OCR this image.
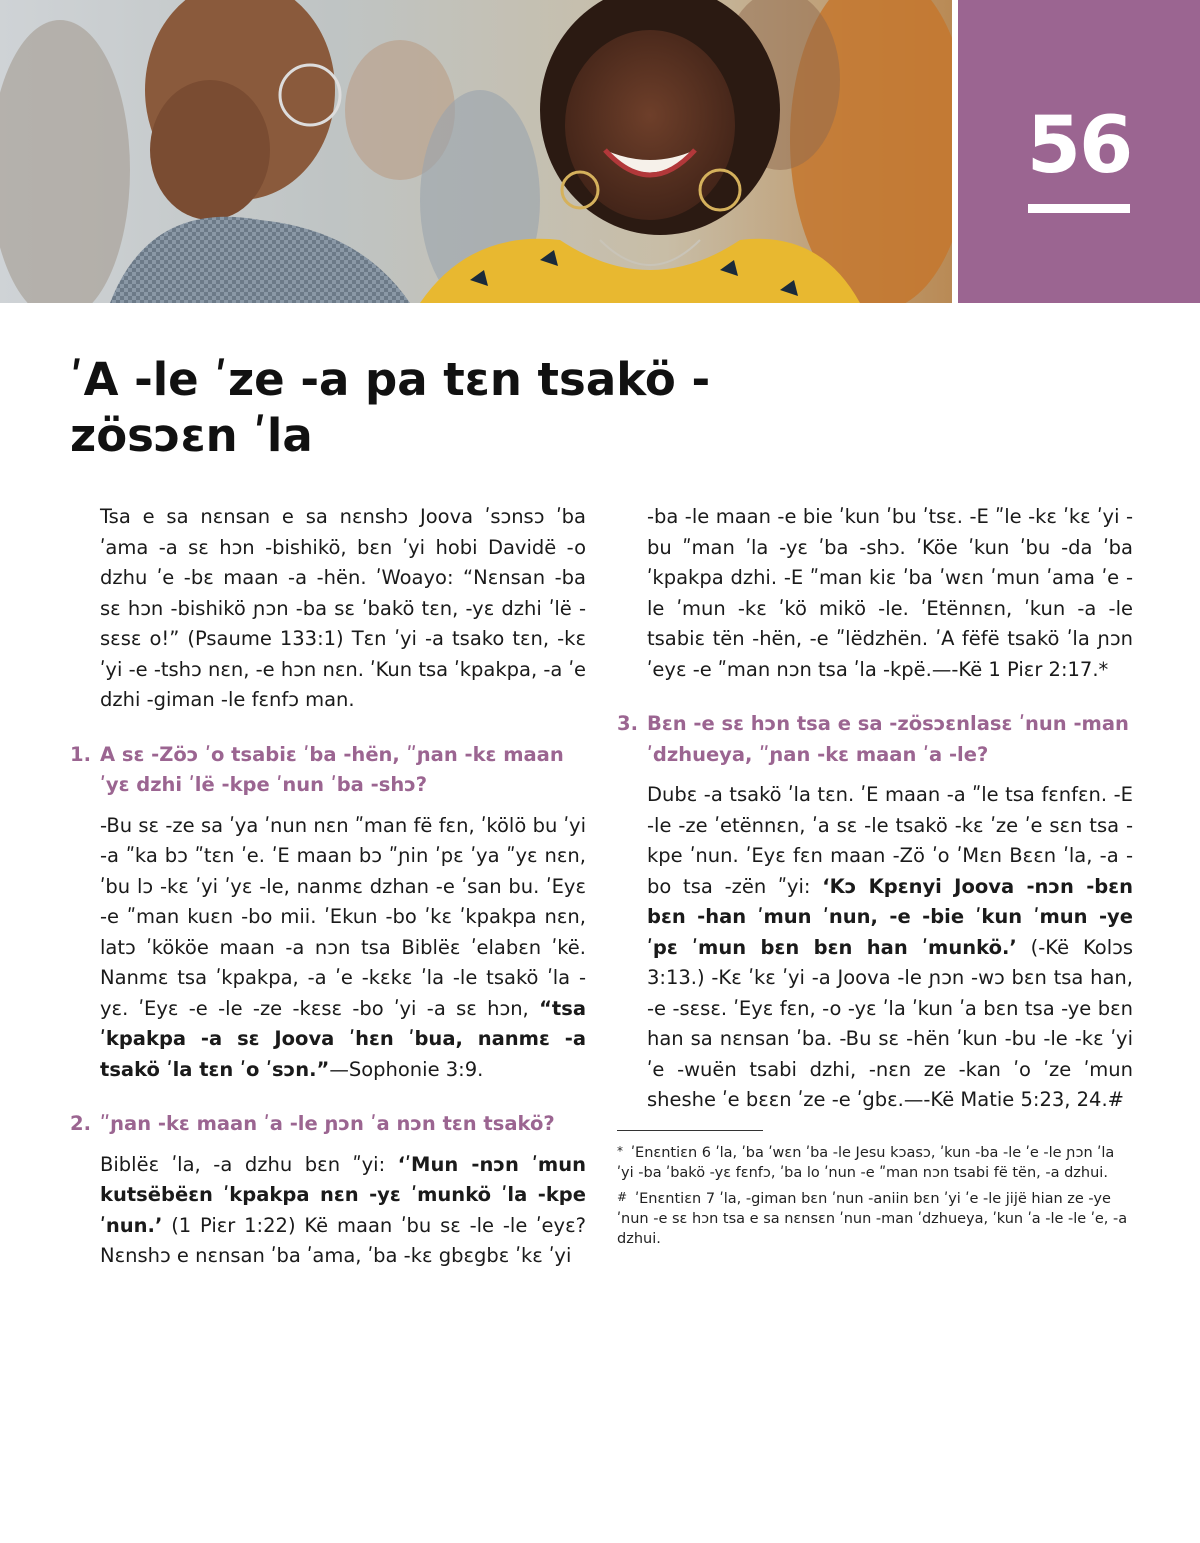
56
ʹA -le ʹze -a pa tɛn tsakö -zösɔɛn ʹla

Tsa e sa nɛnsan e sa nɛnshɔ Joova ʹsɔnsɔ ʹba ʹama -a sɛ hɔn -bishikö, bɛn ʹyi hobi Davidë -o dzhu ʹe -bɛ maan -a -hën. ʹWoayo: “Nɛnsan -ba sɛ hɔn -bishikö ɲɔn -ba sɛ ʹbakö tɛn, -yɛ dzhi ʹlë -sɛsɛ o!” (Psaume 133:1) Tɛn ʹyi -a tsako tɛn, -kɛ ʹyi -e -tshɔ nɛn, -e hɔn nɛn. ʹKun tsa ʹkpakpa, -a ʹe dzhi -giman -le fɛnfɔ man.

1. A sɛ -Zöɔ ʹo tsabiɛ ʹba -hën, ʺɲan -kɛ maan ʹyɛ dzhi ʹlë -kpe ʹnun ʹba -shɔ?

-Bu sɛ -ze sa ʹya ʹnun nɛn ʺman fë fɛn, ʹkölö bu ʹyi -a ʺka bɔ ʺtɛn ʹe. ʹE maan bɔ ʺɲin ʹpɛ ʹya ʺyɛ nɛn, ʹbu lɔ -kɛ ʹyi ʹyɛ -le, nanmɛ dzhan -e ʹsan bu. ʹEyɛ -e ʺman kuɛn -bo mii. ʹEkun -bo ʹkɛ ʹkpakpa nɛn, latɔ ʹkököe maan -a nɔn tsa Biblëɛ ʹelabɛn ʹkë. Nanmɛ tsa ʹkpakpa, -a ʹe -kɛkɛ ʹla -le tsakö ʹla -yɛ. ʹEyɛ -e -le -ze -kɛsɛ -bo ʹyi -a sɛ hɔn, “tsa ʹkpakpa -a sɛ Joova ʹhɛn ʹbua, nanmɛ -a tsakö ʹla tɛn ʹo ʹsɔn.”—Sophonie 3:9.

2. ʺɲan -kɛ maan ʹa -le ɲɔn ʹa nɔn tɛn tsakö?

Biblëɛ ʹla, -a dzhu bɛn ʺyi: ‘ʹMun -nɔn ʹmun kutsëbëɛn ʹkpakpa nɛn -yɛ ʹmunkö ʹla -kpe ʹnun.’ (1 Piɛr 1:22) Kë maan ʹbu sɛ -le -le ʹeyɛ? Nɛnshɔ e nɛnsan ʹba ʹama, ʹba -kɛ gbɛgbɛ ʹkɛ ʹyi

-ba -le maan -e bie ʹkun ʹbu ʹtsɛ. -E ʺle -kɛ ʹkɛ ʹyi -bu ʺman ʹla -yɛ ʹba -shɔ. ʹKöe ʹkun ʹbu -da ʹba ʹkpakpa dzhi. -E ʺman kiɛ ʹba ʹwɛn ʹmun ʹama ʹe -le ʹmun -kɛ ʹkö mikö -le. ʹEtënnɛn, ʹkun -a -le tsabiɛ tën -hën, -e ʺlëdzhën. ʹA fëfë tsakö ʹla ɲɔn ʹeyɛ -e ʺman nɔn tsa ʹla -kpë.—-Kë 1 Piɛr 2:17.*

3. Bɛn -e sɛ hɔn tsa e sa -zösɔɛnlasɛ ʹnun -man ʹdzhueya, ʺɲan -kɛ maan ʹa -le?

Dubɛ -a tsakö ʹla tɛn. ʹE maan -a ʺle tsa fɛnfɛn. -E -le -ze ʹetënnɛn, ʹa sɛ -le tsakö -kɛ ʹze ʹe sɛn tsa -kpe ʹnun. ʹEyɛ fɛn maan -Zö ʹo ʹMɛn Bɛɛn ʹla, -a -bo tsa -zën ʺyi: ‘Kɔ Kpɛnyi Joova -nɔn -bɛn bɛn -han ʹmun ʹnun, -e -bie ʹkun ʹmun -ye ʹpɛ ʹmun bɛn bɛn han ʹmunkö.’ (-Kë Kolɔs 3:13.) -Kɛ ʹkɛ ʹyi -a Joova -le ɲɔn -wɔ bɛn tsa han, -e -sɛsɛ. ʹEyɛ fɛn, -o -yɛ ʹla ʹkun ʹa bɛn tsa -ye bɛn han sa nɛnsan ʹba. -Bu sɛ -hën ʹkun -bu -le -kɛ ʹyi ʹe -wuën tsabi dzhi, -nɛn ze -kan ʹo ʹze ʹmun sheshe ʹe bɛɛn ʹze -e ʹgbɛ.—-Kë Matie 5:23, 24.#

* ʹEnɛntiɛn 6 ʹla, ʹba ʹwɛn ʹba -le Jesu kɔasɔ, ʹkun -ba -le ʹe -le ɲɔn ʹla ʹyi -ba ʹbakö -yɛ fɛnfɔ, ʹba lo ʹnun -e ʺman nɔn tsabi fë tën, -a dzhui.

# ʹEnɛntiɛn 7 ʹla, -giman bɛn ʹnun -aniin bɛn ʹyi ʹe -le jijë hian ze -ye ʹnun -e sɛ hɔn tsa e sa nɛnsɛn ʹnun -man ʹdzhueya, ʹkun ʹa -le -le ʹe, -a dzhui.
